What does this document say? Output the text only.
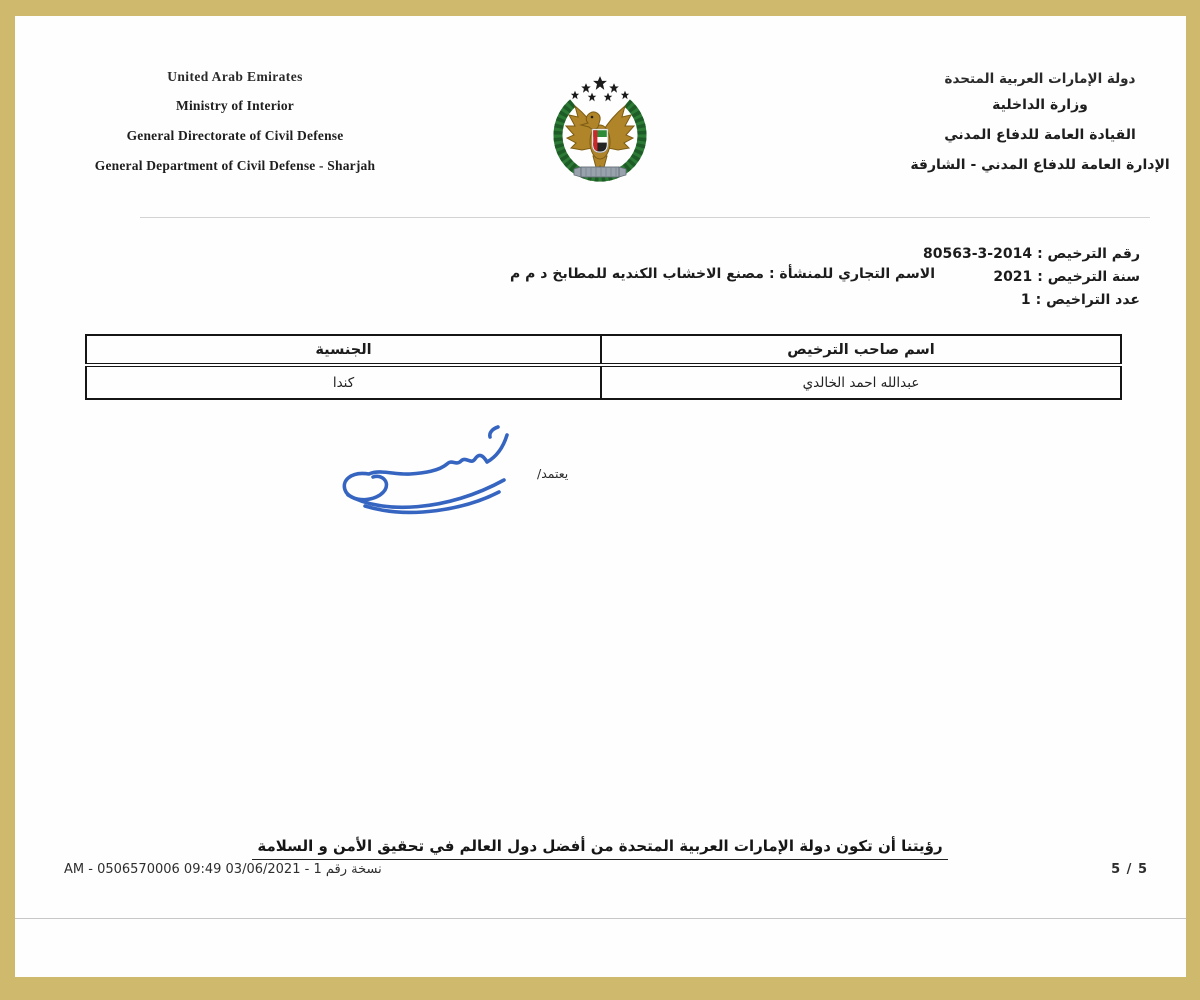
United Arab Emirates
Ministry of Interior
General Directorate of Civil Defense
General Department of Civil Defense - Sharjah
دولة الإمارات العربية المتحدة
وزارة الداخلية
القيادة العامة للدفاع المدني
الإدارة العامة للدفاع المدني - الشارقة
رقم الترخيص :2014-3-80563
سنة الترخيص :2021
عدد التراخيص :1
الاسم التجاري للمنشأة :مصنع الاخشاب الكنديه للمطابخ د م م
اسم صاحب الترخيص	الجنسية
عبدالله احمد الخالدي	كندا
يعتمد/
رؤيتنا أن تكون دولة الإمارات العربية المتحدة من أفضل دول العالم في تحقيق الأمن و السلامة
نسخة رقم 1 - 03/06/2021 09:49 AM - 0506570006	5 / 5
